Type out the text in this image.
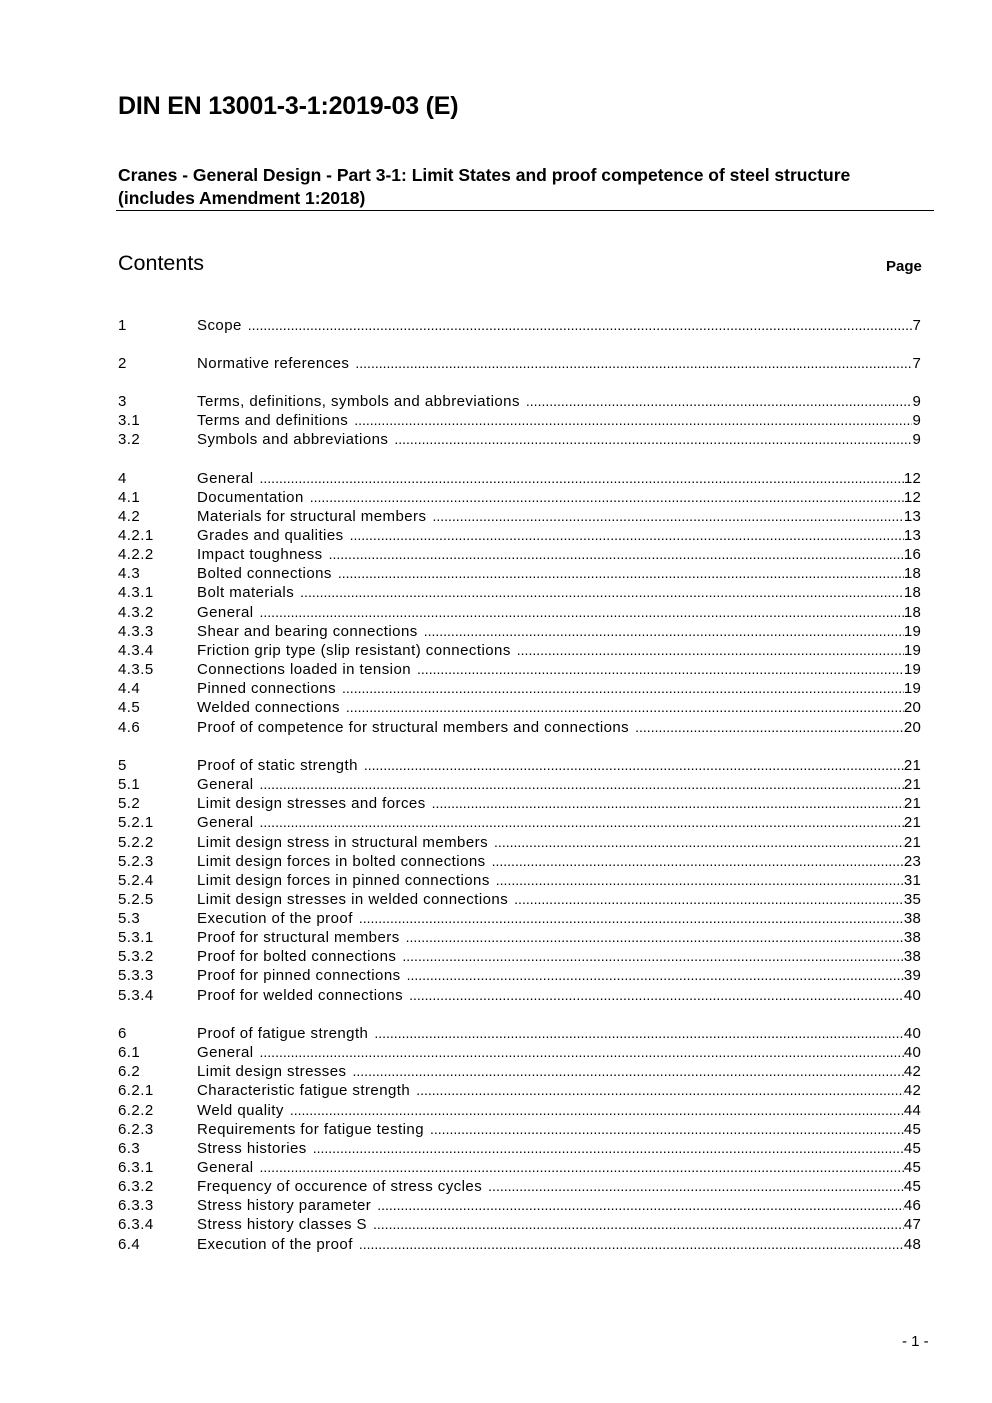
DIN EN 13001-3-1:2019-03 (E)
Cranes - General Design - Part 3-1: Limit States and proof competence of steel structure (includes Amendment 1:2018)
Contents	Page
1	Scope .....	7
2	Normative references .....	7
3	Terms, definitions, symbols and abbreviations .....	9
3.1	Terms and definitions .....	9
3.2	Symbols and abbreviations .....	9
4	General .....	12
4.1	Documentation .....	12
4.2	Materials for structural members .....	13
4.2.1	Grades and qualities .....	13
4.2.2	Impact toughness .....	16
4.3	Bolted connections .....	18
4.3.1	Bolt materials .....	18
4.3.2	General .....	18
4.3.3	Shear and bearing connections .....	19
4.3.4	Friction grip type (slip resistant) connections .....	19
4.3.5	Connections loaded in tension .....	19
4.4	Pinned connections .....	19
4.5	Welded connections .....	20
4.6	Proof of competence for structural members and connections .....	20
5	Proof of static strength .....	21
5.1	General .....	21
5.2	Limit design stresses and forces .....	21
5.2.1	General .....	21
5.2.2	Limit design stress in structural members .....	21
5.2.3	Limit design forces in bolted connections .....	23
5.2.4	Limit design forces in pinned connections .....	31
5.2.5	Limit design stresses in welded connections .....	35
5.3	Execution of the proof .....	38
5.3.1	Proof for structural members .....	38
5.3.2	Proof for bolted connections .....	38
5.3.3	Proof for pinned connections .....	39
5.3.4	Proof for welded connections .....	40
6	Proof of fatigue strength .....	40
6.1	General .....	40
6.2	Limit design stresses .....	42
6.2.1	Characteristic fatigue strength .....	42
6.2.2	Weld quality .....	44
6.2.3	Requirements for fatigue testing .....	45
6.3	Stress histories .....	45
6.3.1	General .....	45
6.3.2	Frequency of occurence of stress cycles .....	45
6.3.3	Stress history parameter .....	46
6.3.4	Stress history classes S .....	47
6.4	Execution of the proof .....	48
- 1 -
